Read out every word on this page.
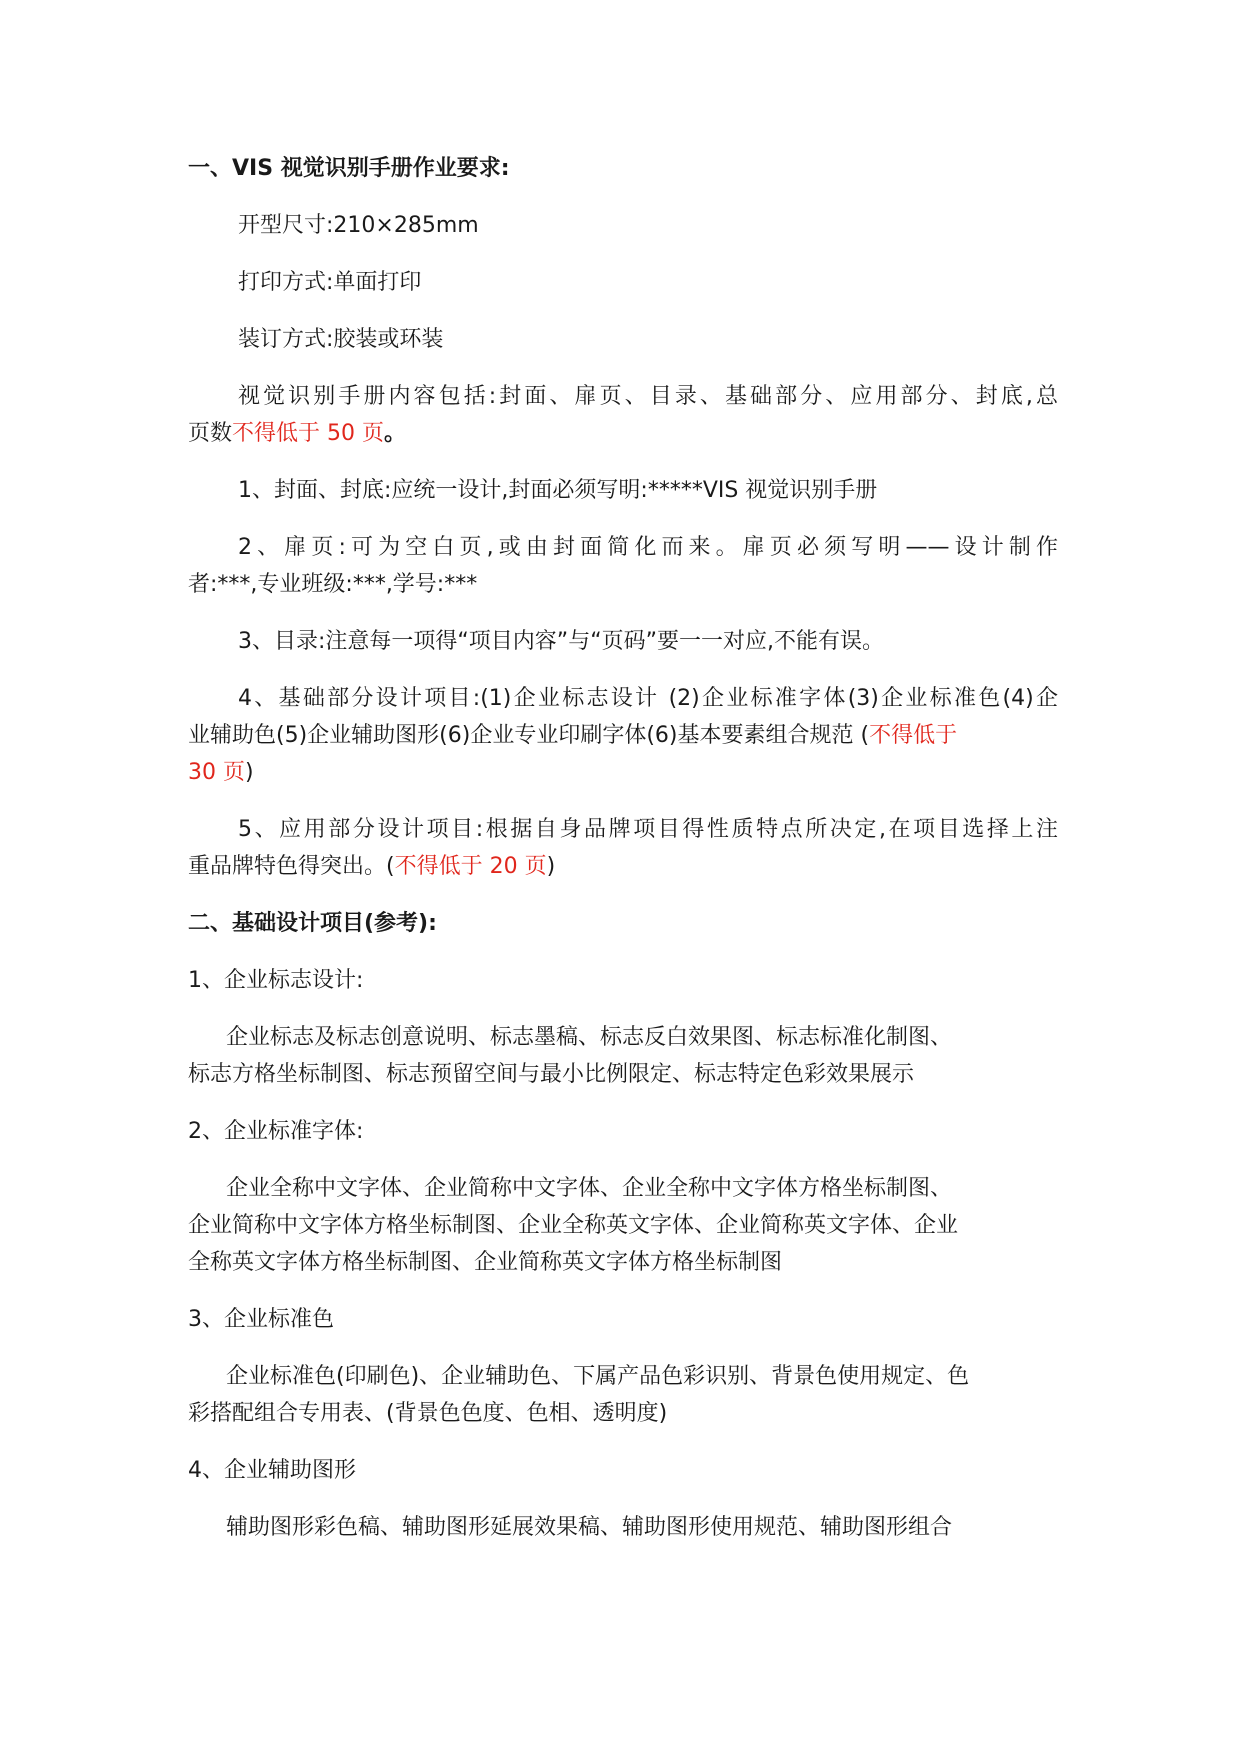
一、VIS 视觉识别手册作业要求:
开型尺寸:210×285mm
打印方式:单面打印
装订方式:胶装或环装
视觉识别手册内容包括:封面、扉页、目录、基础部分、应用部分、封底,总
页数不得低于 50 页。
1、封面、封底:应统一设计,封面必须写明:*****VIS 视觉识别手册
2、扉页:可为空白页,或由封面简化而来。扉页必须写明——设计制作
者:***,专业班级:***,学号:***
3、目录:注意每一项得“项目内容”与“页码”要一一对应,不能有误。
4、基础部分设计项目:(1)企业标志设计 (2)企业标准字体(3)企业标准色(4)企
业辅助色(5)企业辅助图形(6)企业专业印刷字体(6)基本要素组合规范 (不得低于
30 页)
5、应用部分设计项目:根据自身品牌项目得性质特点所决定,在项目选择上注
重品牌特色得突出。(不得低于 20 页)
二、基础设计项目(参考):
1、企业标志设计:
企业标志及标志创意说明、标志墨稿、标志反白效果图、标志标准化制图、
标志方格坐标制图、标志预留空间与最小比例限定、标志特定色彩效果展示
2、企业标准字体:
企业全称中文字体、企业简称中文字体、企业全称中文字体方格坐标制图、
企业简称中文字体方格坐标制图、企业全称英文字体、企业简称英文字体、企业
全称英文字体方格坐标制图、企业简称英文字体方格坐标制图
3、企业标准色
企业标准色(印刷色)、企业辅助色、下属产品色彩识别、背景色使用规定、色
彩搭配组合专用表、(背景色色度、色相、透明度)
4、企业辅助图形
辅助图形彩色稿、辅助图形延展效果稿、辅助图形使用规范、辅助图形组合
